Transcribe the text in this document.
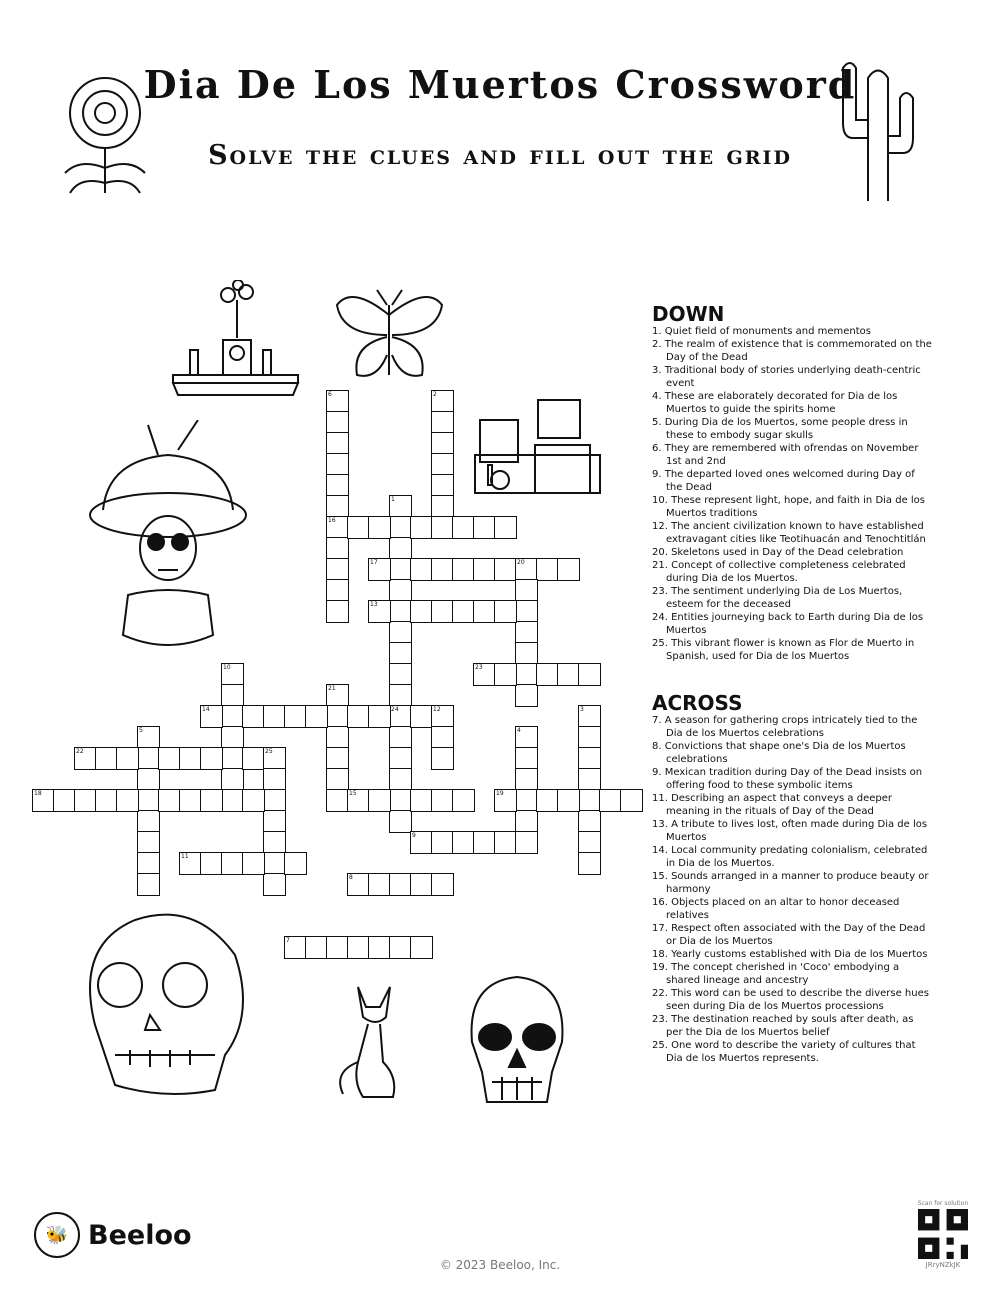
Dia De Los Muertos Crossword
Solve the clues and fill out the grid
6	2
1
16
17	20
13
10	23
21
14	24	12	3
5	4
22	25
18	15	19
9
11
8
7
DOWN

1. Quiet field of monuments and mementos

2. The realm of existence that is commemorated on the Day of the Dead

3. Traditional body of stories underlying death-centric event

4. These are elaborately decorated for Dia de los Muertos to guide the spirits home

5. During Dia de los Muertos, some people dress in these to embody sugar skulls

6. They are remembered with ofrendas on November 1st and 2nd

9. The departed loved ones welcomed during Day of the Dead

10. These represent light, hope, and faith in Dia de los Muertos traditions

12. The ancient civilization known to have established extravagant cities like Teotihuacán and Tenochtitlán

20. Skeletons used in Day of the Dead celebration

21. Concept of collective completeness celebrated during Dia de los Muertos.

23. The sentiment underlying Dia de Los Muertos, esteem for the deceased

24. Entities journeying back to Earth during Dia de los Muertos

25. This vibrant flower is known as Flor de Muerto in Spanish, used for Dia de los Muertos

ACROSS

7. A season for gathering crops intricately tied to the Dia de los Muertos celebrations

8. Convictions that shape one's Dia de los Muertos celebrations

9. Mexican tradition during Day of the Dead insists on offering food to these symbolic items

11. Describing an aspect that conveys a deeper meaning in the rituals of Day of the Dead

13. A tribute to lives lost, often made during Dia de los Muertos

14. Local community predating colonialism, celebrated in Dia de los Muertos.

15. Sounds arranged in a manner to produce beauty or harmony

16. Objects placed on an altar to honor deceased relatives

17. Respect often associated with the Day of the Dead or Dia de los Muertos

18. Yearly customs established with Dia de los Muertos

19. The concept cherished in 'Coco' embodying a shared lineage and ancestry

22. This word can be used to describe the diverse hues seen during Dia de los Muertos processions

23. The destination reached by souls after death, as per the Dia de los Muertos belief

25. One word to describe the variety of cultures that Dia de los Muertos represents.

🐝 Beeloo
© 2023 Beeloo, Inc.
Scan for solution
JRryNZkJK
